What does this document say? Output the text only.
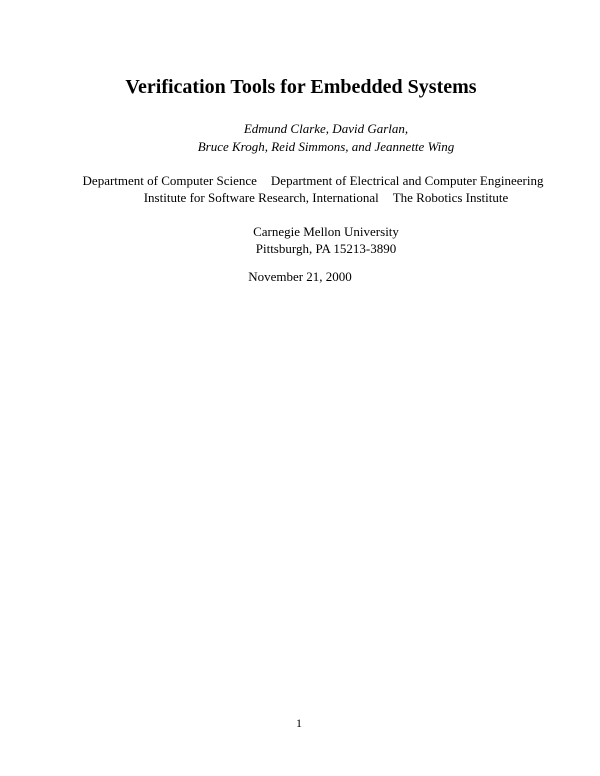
Verification Tools for Embedded Systems
Edmund Clarke, David Garlan,
Bruce Krogh, Reid Simmons, and Jeannette Wing
Department of Computer Science Department of Electrical and Computer Engineering
Institute for Software Research, International The Robotics Institute
Carnegie Mellon University
Pittsburgh, PA 15213-3890
November 21, 2000
1
